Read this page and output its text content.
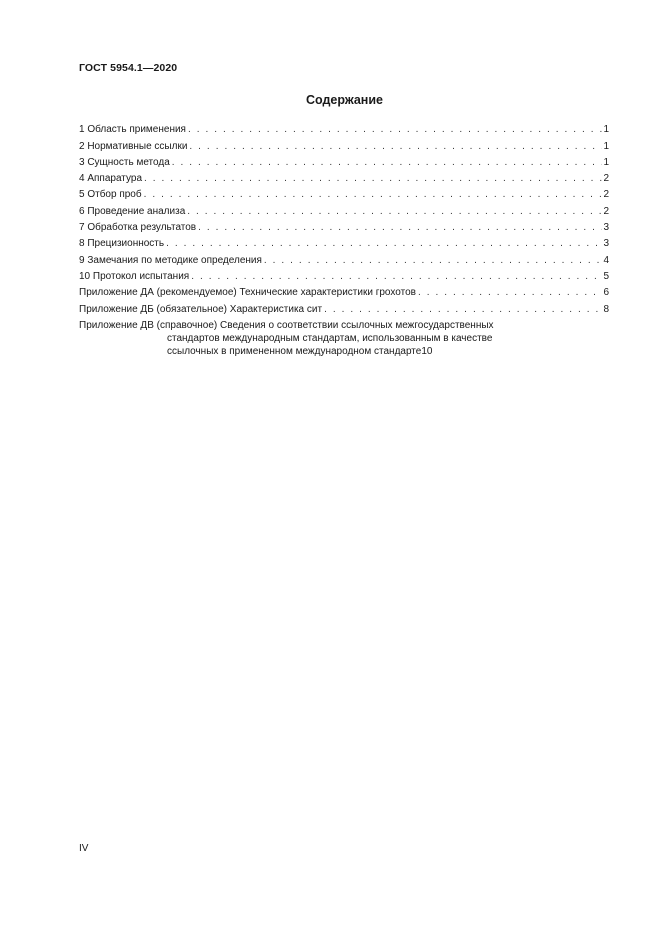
ГОСТ 5954.1—2020
Содержание
1 Область применения . . .	1
2 Нормативные ссылки . . .	1
3 Сущность метода . . .	1
4 Аппаратура . . .	2
5 Отбор проб . . .	2
6 Проведение анализа . . .	2
7 Обработка результатов . . .	3
8 Прецизионность . . .	3
9 Замечания по методике определения . . .	4
10 Протокол испытания . . .	5
Приложение ДА (рекомендуемое) Технические характеристики грохотов . . .	6
Приложение ДБ (обязательное) Характеристика сит . . .	8
Приложение ДВ (справочное) Сведения о соответствии ссылочных межгосударственных
стандартов международным стандартам, использованным в качестве
ссылочных в примененном международном стандарте 10
IV
